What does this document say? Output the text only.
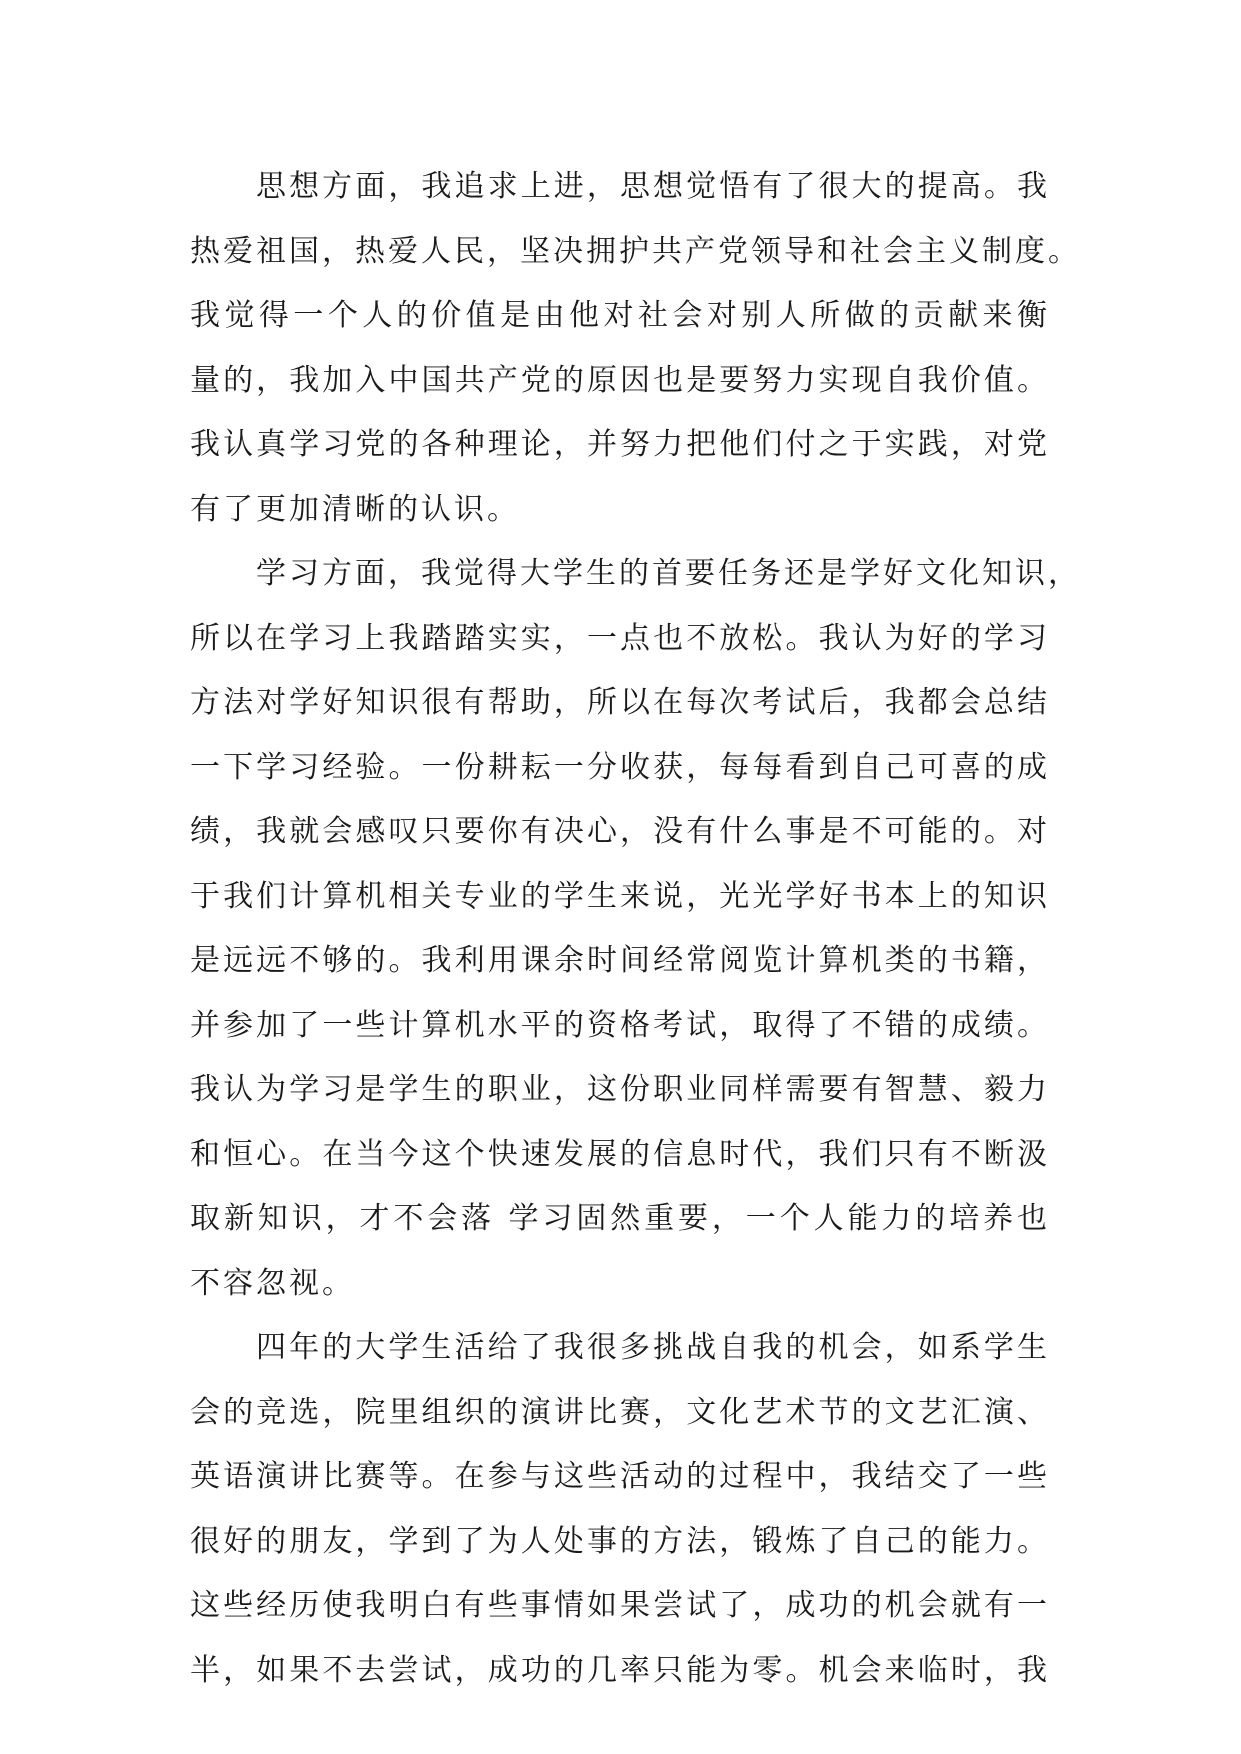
思想方面，我追求上进，思想觉悟有了很大的提高。我
热爱祖国，热爱人民，坚决拥护共产党领导和社会主义制度。
我觉得一个人的价值是由他对社会对别人所做的贡献来衡
量的，我加入中国共产党的原因也是要努力实现自我价值。
我认真学习党的各种理论，并努力把他们付之于实践，对党
有了更加清晰的认识。
学习方面，我觉得大学生的首要任务还是学好文化知识，
所以在学习上我踏踏实实，一点也不放松。我认为好的学习
方法对学好知识很有帮助，所以在每次考试后，我都会总结
一下学习经验。一份耕耘一分收获，每每看到自己可喜的成
绩，我就会感叹只要你有决心，没有什么事是不可能的。对
于我们计算机相关专业的学生来说，光光学好书本上的知识
是远远不够的。我利用课余时间经常阅览计算机类的书籍，
并参加了一些计算机水平的资格考试，取得了不错的成绩。
我认为学习是学生的职业，这份职业同样需要有智慧、毅力
和恒心。在当今这个快速发展的信息时代，我们只有不断汲
取新知识，才不会落 学习固然重要，一个人能力的培养也
不容忽视。
四年的大学生活给了我很多挑战自我的机会，如系学生
会的竞选，院里组织的演讲比赛，文化艺术节的文艺汇演、
英语演讲比赛等。在参与这些活动的过程中，我结交了一些
很好的朋友，学到了为人处事的方法，锻炼了自己的能力。
这些经历使我明白有些事情如果尝试了，成功的机会就有一
半，如果不去尝试，成功的几率只能为零。机会来临时，我
